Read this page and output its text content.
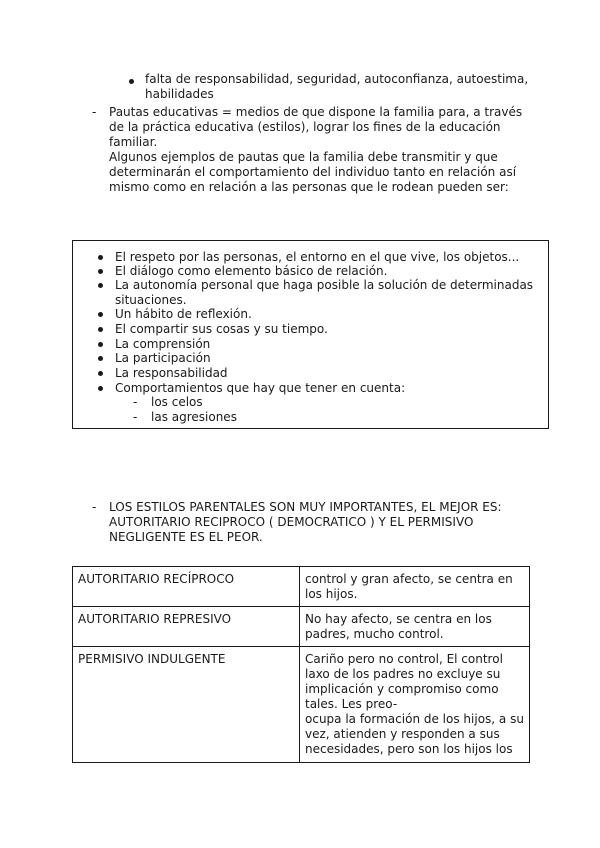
falta de responsabilidad, seguridad, autoconfianza, autoestima, habilidades
- Pautas educativas = medios de que dispone la familia para, a través
de la práctica educativa (estilos), lograr los fines de la educación
familiar.
Algunos ejemplos de pautas que la familia debe transmitir y que
determinarán el comportamiento del individuo tanto en relación así
mismo como en relación a las personas que le rodean pueden ser:
El respeto por las personas, el entorno en el que vive, los objetos...
El diálogo como elemento básico de relación.
La autonomía personal que haga posible la solución de determinadas situaciones.
Un hábito de reflexión.
El compartir sus cosas y su tiempo.
La comprensión
La participación
La responsabilidad
Comportamientos que hay que tener en cuenta:
- los celos
- las agresiones
- LOS ESTILOS PARENTALES SON MUY IMPORTANTES, EL MEJOR ES:
AUTORITARIO RECIPROCO ( DEMOCRATICO ) Y EL PERMISIVO
NEGLIGENTE ES EL PEOR.
AUTORITARIO RECÍPROCO	control y gran afecto, se centra en los hijos.
AUTORITARIO REPRESIVO	No hay afecto, se centra en los padres, mucho control.
PERMISIVO INDULGENTE	Cariño pero no control, El control laxo de los padres no excluye su implicación y compromiso como tales. Les preo-
ocupa la formación de los hijos, a su vez, atienden y responden a sus necesidades, pero son los hijos los
